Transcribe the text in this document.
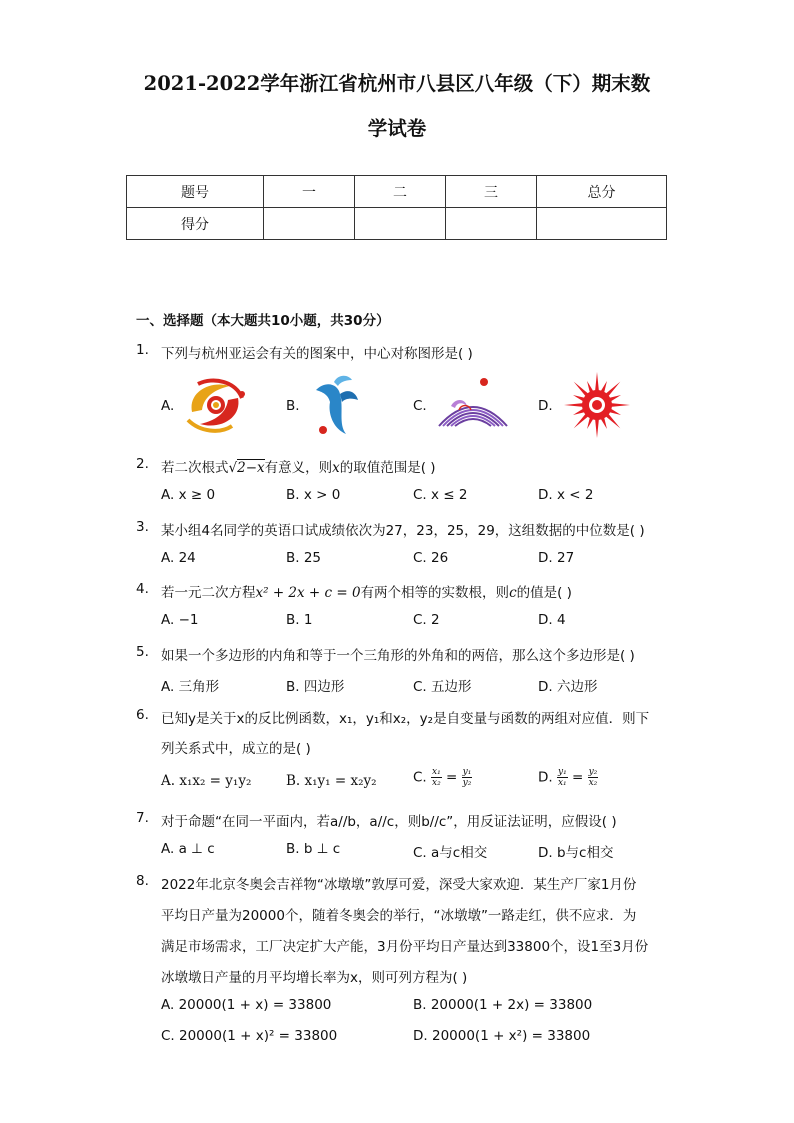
2021-2022学年浙江省杭州市八县区八年级（下）期末数
学试卷
题号	一	二	三	总分
得分				
一、选择题（本大题共10小题，共30分）
1. 下列与杭州亚运会有关的图案中，中心对称图形是( )
A.	B.	C.	D.
2. 若二次根式√2−x有意义，则x的取值范围是( )
A. x ≥ 0	B. x > 0	C. x ≤ 2	D. x < 2
3. 某小组4名同学的英语口试成绩依次为27，23，25，29，这组数据的中位数是( )
A. 24	B. 25	C. 26	D. 27
4. 若一元二次方程x² + 2x + c = 0有两个相等的实数根，则c的值是( )
A. −1	B. 1	C. 2	D. 4
5. 如果一个多边形的内角和等于一个三角形的外角和的两倍，那么这个多边形是( )
A. 三角形	B. 四边形	C. 五边形	D. 六边形
6. 已知y是关于x的反比例函数，x₁，y₁和x₂，y₂是自变量与函数的两组对应值．则下
列关系式中，成立的是( )
A. x₁x₂ = y₁y₂	B. x₁y₁ = x₂y₂	C. $\frac{\text{x₁}}{\text{x₂}} = \frac{\text{y₁}}{\text{y₂}}$	D. $\frac{\text{y₁}}{\text{x₁}} = \frac{\text{y₂}}{\text{x₂}}$
7. 对于命题“在同一平面内，若a//b，a//c，则b//c”，用反证法证明，应假设( )
A. a ⊥ c	B. b ⊥ c	C. a与c相交	D. b与c相交
8. 2022年北京冬奥会吉祥物“冰墩墩”敦厚可爱，深受大家欢迎．某生产厂家1月份
平均日产量为20000个，随着冬奥会的举行，“冰墩墩”一路走红，供不应求．为
满足市场需求，工厂决定扩大产能，3月份平均日产量达到33800个，设1至3月份
冰墩墩日产量的月平均增长率为x，则可列方程为( )
A. 20000(1 + x) = 33800	B. 20000(1 + 2x) = 33800
C. 20000(1 + x)² = 33800	D. 20000(1 + x²) = 33800
